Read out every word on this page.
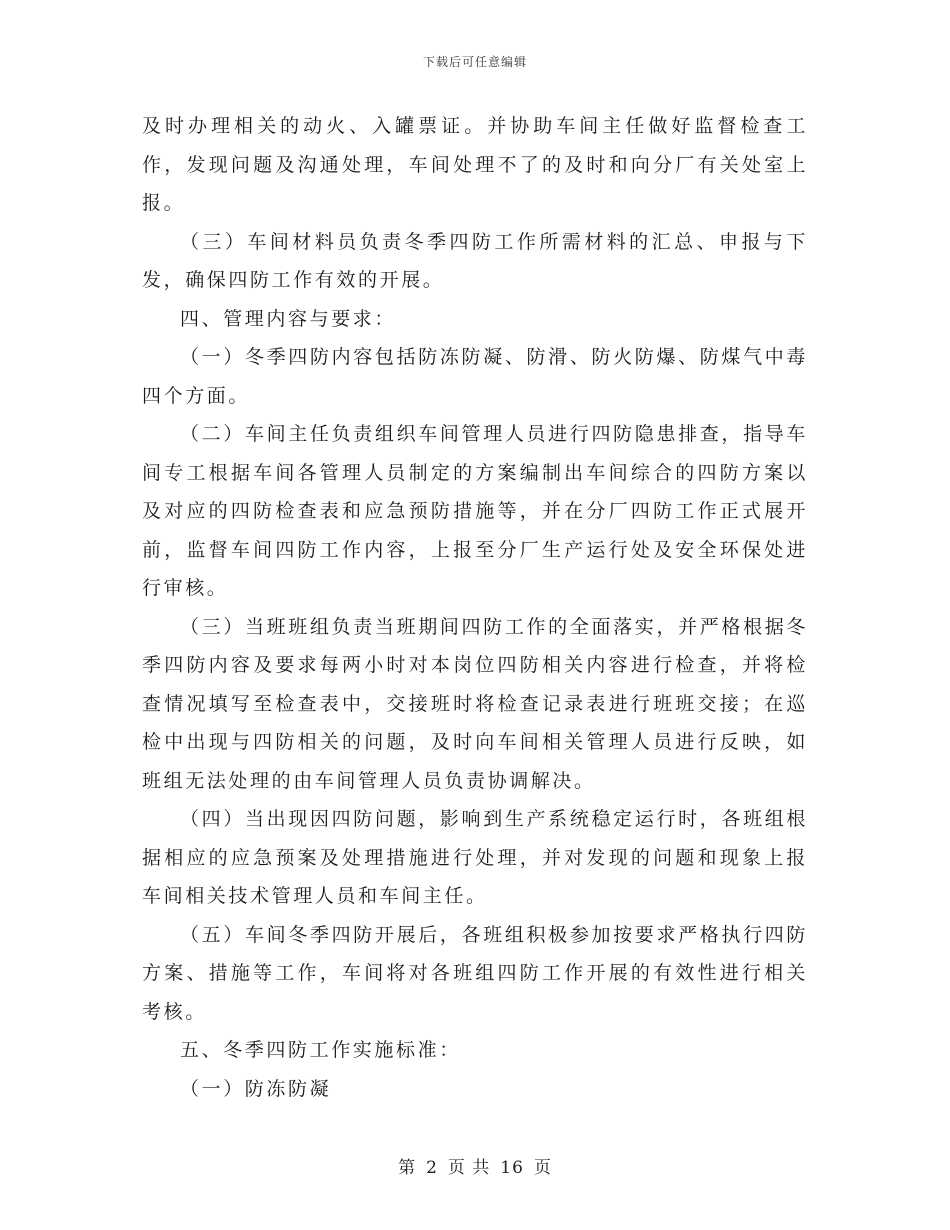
下载后可任意编辑

及时办理相关的动火、入罐票证。并协助车间主任做好监督检查工作，发现问题及沟通处理，车间处理不了的及时和向分厂有关处室上报。

（三）车间材料员负责冬季四防工作所需材料的汇总、申报与下发，确保四防工作有效的开展。

四、管理内容与要求：

（一）冬季四防内容包括防冻防凝、防滑、防火防爆、防煤气中毒四个方面。

（二）车间主任负责组织车间管理人员进行四防隐患排查，指导车间专工根据车间各管理人员制定的方案编制出车间综合的四防方案以及对应的四防检查表和应急预防措施等，并在分厂四防工作正式展开前，监督车间四防工作内容，上报至分厂生产运行处及安全环保处进行审核。

（三）当班班组负责当班期间四防工作的全面落实，并严格根据冬季四防内容及要求每两小时对本岗位四防相关内容进行检查，并将检查情况填写至检查表中，交接班时将检查记录表进行班班交接；在巡检中出现与四防相关的问题，及时向车间相关管理人员进行反映，如班组无法处理的由车间管理人员负责协调解决。

（四）当出现因四防问题，影响到生产系统稳定运行时，各班组根据相应的应急预案及处理措施进行处理，并对发现的问题和现象上报车间相关技术管理人员和车间主任。

（五）车间冬季四防开展后，各班组积极参加按要求严格执行四防方案、措施等工作，车间将对各班组四防工作开展的有效性进行相关考核。

五、冬季四防工作实施标准：

（一）防冻防凝

第 2 页 共 16 页
